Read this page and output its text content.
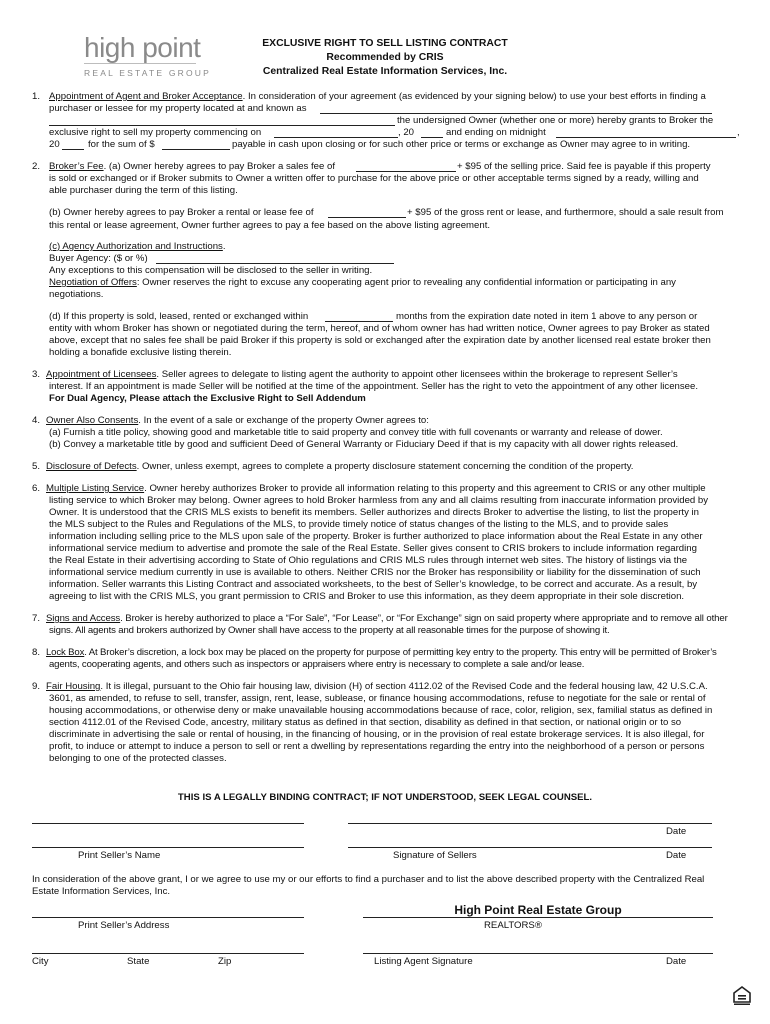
high point
REAL ESTATE GROUP
EXCLUSIVE RIGHT TO SELL LISTING CONTRACT
Recommended by CRIS
Centralized Real Estate Information Services, Inc.
1. Appointment of Agent and Broker Acceptance. In consideration of your agreement (as evidenced by your signing below) to use your best efforts in finding a
purchaser or lessee for my property located at and known as
the undersigned Owner (whether one or more) hereby grants to Broker the
exclusive right to sell my property commencing on	, 20	and ending on midnight	,
20	for the sum of $	payable in cash upon closing or for such other price or terms or exchange as Owner may agree to in writing.
2. Broker’s Fee. (a) Owner hereby agrees to pay Broker a sales fee of	+ $95 of the selling price. Said fee is payable if this property
is sold or exchanged or if Broker submits to Owner a written offer to purchase for the above price or other acceptable terms signed by a ready, willing and
able purchaser during the term of this listing.
(b) Owner hereby agrees to pay Broker a rental or lease fee of	+ $95 of the gross rent or lease, and furthermore, should a sale result from
this rental or lease agreement, Owner further agrees to pay a fee based on the above listing agreement.
(c) Agency Authorization and Instructions.
Buyer Agency: ($ or %)
Any exceptions to this compensation will be disclosed to the seller in writing.
Negotiation of Offers: Owner reserves the right to excuse any cooperating agent prior to revealing any confidential information or participating in any
negotiations.
(d) If this property is sold, leased, rented or exchanged within	months from the expiration date noted in item 1 above to any person or
entity with whom Broker has shown or negotiated during the term, hereof, and of whom owner has had written notice, Owner agrees to pay Broker as stated
above, except that no sales fee shall be paid Broker if this property is sold or exchanged after the expiration date by another licensed real estate broker then
holding a bonafide exclusive listing therein.
3. Appointment of Licensees. Seller agrees to delegate to listing agent the authority to appoint other licensees within the brokerage to represent Seller’s
interest. If an appointment is made Seller will be notified at the time of the appointment. Seller has the right to veto the appointment of any other licensee.
For Dual Agency, Please attach the Exclusive Right to Sell Addendum
4. Owner Also Consents. In the event of a sale or exchange of the property Owner agrees to:
(a) Furnish a title policy, showing good and marketable title to said property and convey title with full covenants or warranty and release of dower.
(b) Convey a marketable title by good and sufficient Deed of General Warranty or Fiduciary Deed if that is my capacity with all dower rights released.
5. Disclosure of Defects. Owner, unless exempt, agrees to complete a property disclosure statement concerning the condition of the property.
6. Multiple Listing Service. Owner hereby authorizes Broker to provide all information relating to this property and this agreement to CRIS or any other multiple
listing service to which Broker may belong. Owner agrees to hold Broker harmless from any and all claims resulting from inaccurate information provided by
Owner. It is understood that the CRIS MLS exists to benefit its members. Seller authorizes and directs Broker to advertise the listing, to list the property in
the MLS subject to the Rules and Regulations of the MLS, to provide timely notice of status changes of the listing to the MLS, and to provide sales
information including selling price to the MLS upon sale of the property. Broker is further authorized to place information about the Real Estate in any other
informational service medium to advertise and promote the sale of the Real Estate. Seller gives consent to CRIS brokers to include information regarding
the Real Estate in their advertising according to State of Ohio regulations and CRIS MLS rules through internet web sites. The history of listings via the
informational service medium currently in use is available to others. Neither CRIS nor the Broker has responsibility or liability for the dissemination of such
information. Seller warrants this Listing Contract and associated worksheets, to the best of Seller’s knowledge, to be correct and accurate. As a result, by
agreeing to list with the CRIS MLS, you grant permission to CRIS and Broker to use this information, as they deem appropriate in their sole discretion.
7. Signs and Access. Broker is hereby authorized to place a “For Sale”, “For Lease”, or “For Exchange” sign on said property where appropriate and to remove all other
signs. All agents and brokers authorized by Owner shall have access to the property at all reasonable times for the purpose of showing it.
8. Lock Box. At Broker’s discretion, a lock box may be placed on the property for purpose of permitting key entry to the property. This entry will be permitted of Broker’s
agents, cooperating agents, and others such as inspectors or appraisers where entry is necessary to complete a sale and/or lease.
9. Fair Housing. It is illegal, pursuant to the Ohio fair housing law, division (H) of section 4112.02 of the Revised Code and the federal housing law, 42 U.S.C.A.
3601, as amended, to refuse to sell, transfer, assign, rent, lease, sublease, or finance housing accommodations, refuse to negotiate for the sale or rental of
housing accommodations, or otherwise deny or make unavailable housing accommodations because of race, color, religion, sex, familial status as defined in
section 4112.01 of the Revised Code, ancestry, military status as defined in that section, disability as defined in that section, or national origin or to so
discriminate in advertising the sale or rental of housing, in the financing of housing, or in the provision of real estate brokerage services. It is also illegal, for
profit, to induce or attempt to induce a person to sell or rent a dwelling by representations regarding the entry into the neighborhood of a person or persons
belonging to one of the protected classes.
THIS IS A LEGALLY BINDING CONTRACT; IF NOT UNDERSTOOD, SEEK LEGAL COUNSEL.
Date
Print Seller’s Name	Signature of Sellers	Date
In consideration of the above grant, I or we agree to use my or our efforts to find a purchaser and to list the above described property with the Centralized Real
Estate Information Services, Inc.
High Point Real Estate Group
Print Seller’s Address	REALTORS®
City	State	Zip	Listing Agent Signature	Date
